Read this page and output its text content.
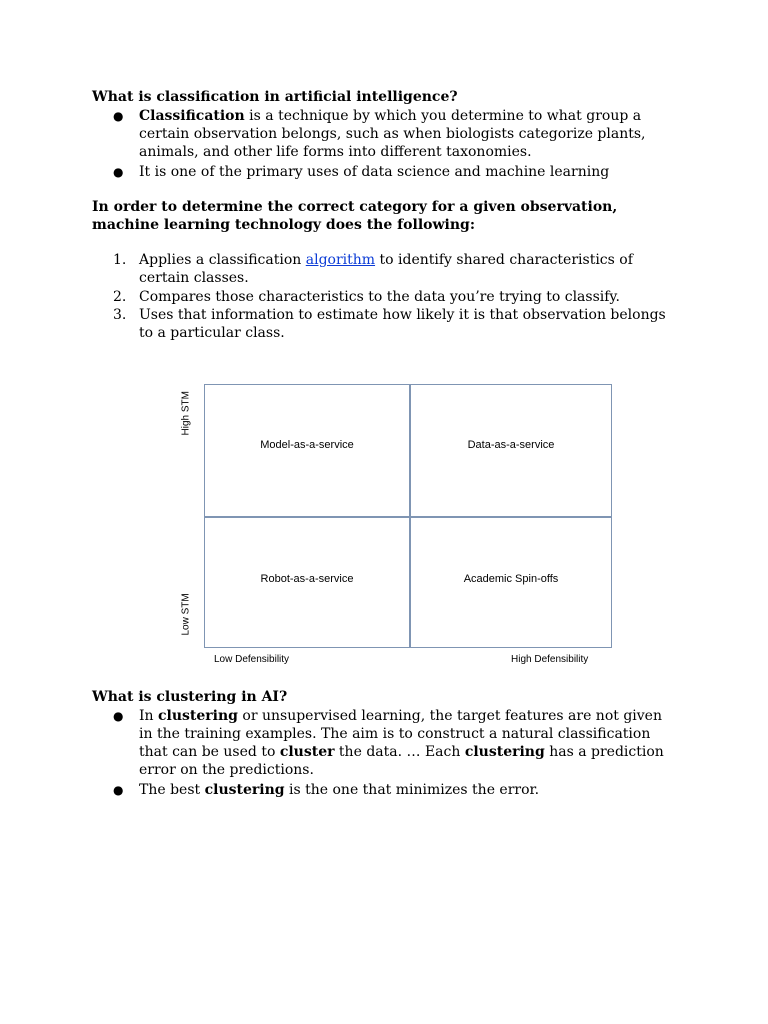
What is classification in artificial intelligence?
● Classification is a technique by which you determine to what group a certain observation belongs, such as when biologists categorize plants, animals, and other life forms into different taxonomies.
● It is one of the primary uses of data science and machine learning
In order to determine the correct category for a given observation, machine learning technology does the following:
1. Applies a classification algorithm to identify shared characteristics of certain classes.
2. Compares those characteristics to the data you’re trying to classify.
3. Uses that information to estimate how likely it is that observation belongs to a particular class.
High STM
Low STM
Model-as-a-service	Data-as-a-service
Robot-as-a-service	Academic Spin-offs
Low Defensibility	High Defensibility
What is clustering in AI?
● In clustering or unsupervised learning, the target features are not given in the training examples. The aim is to construct a natural classification that can be used to cluster the data. … Each clustering has a prediction error on the predictions.
● The best clustering is the one that minimizes the error.
